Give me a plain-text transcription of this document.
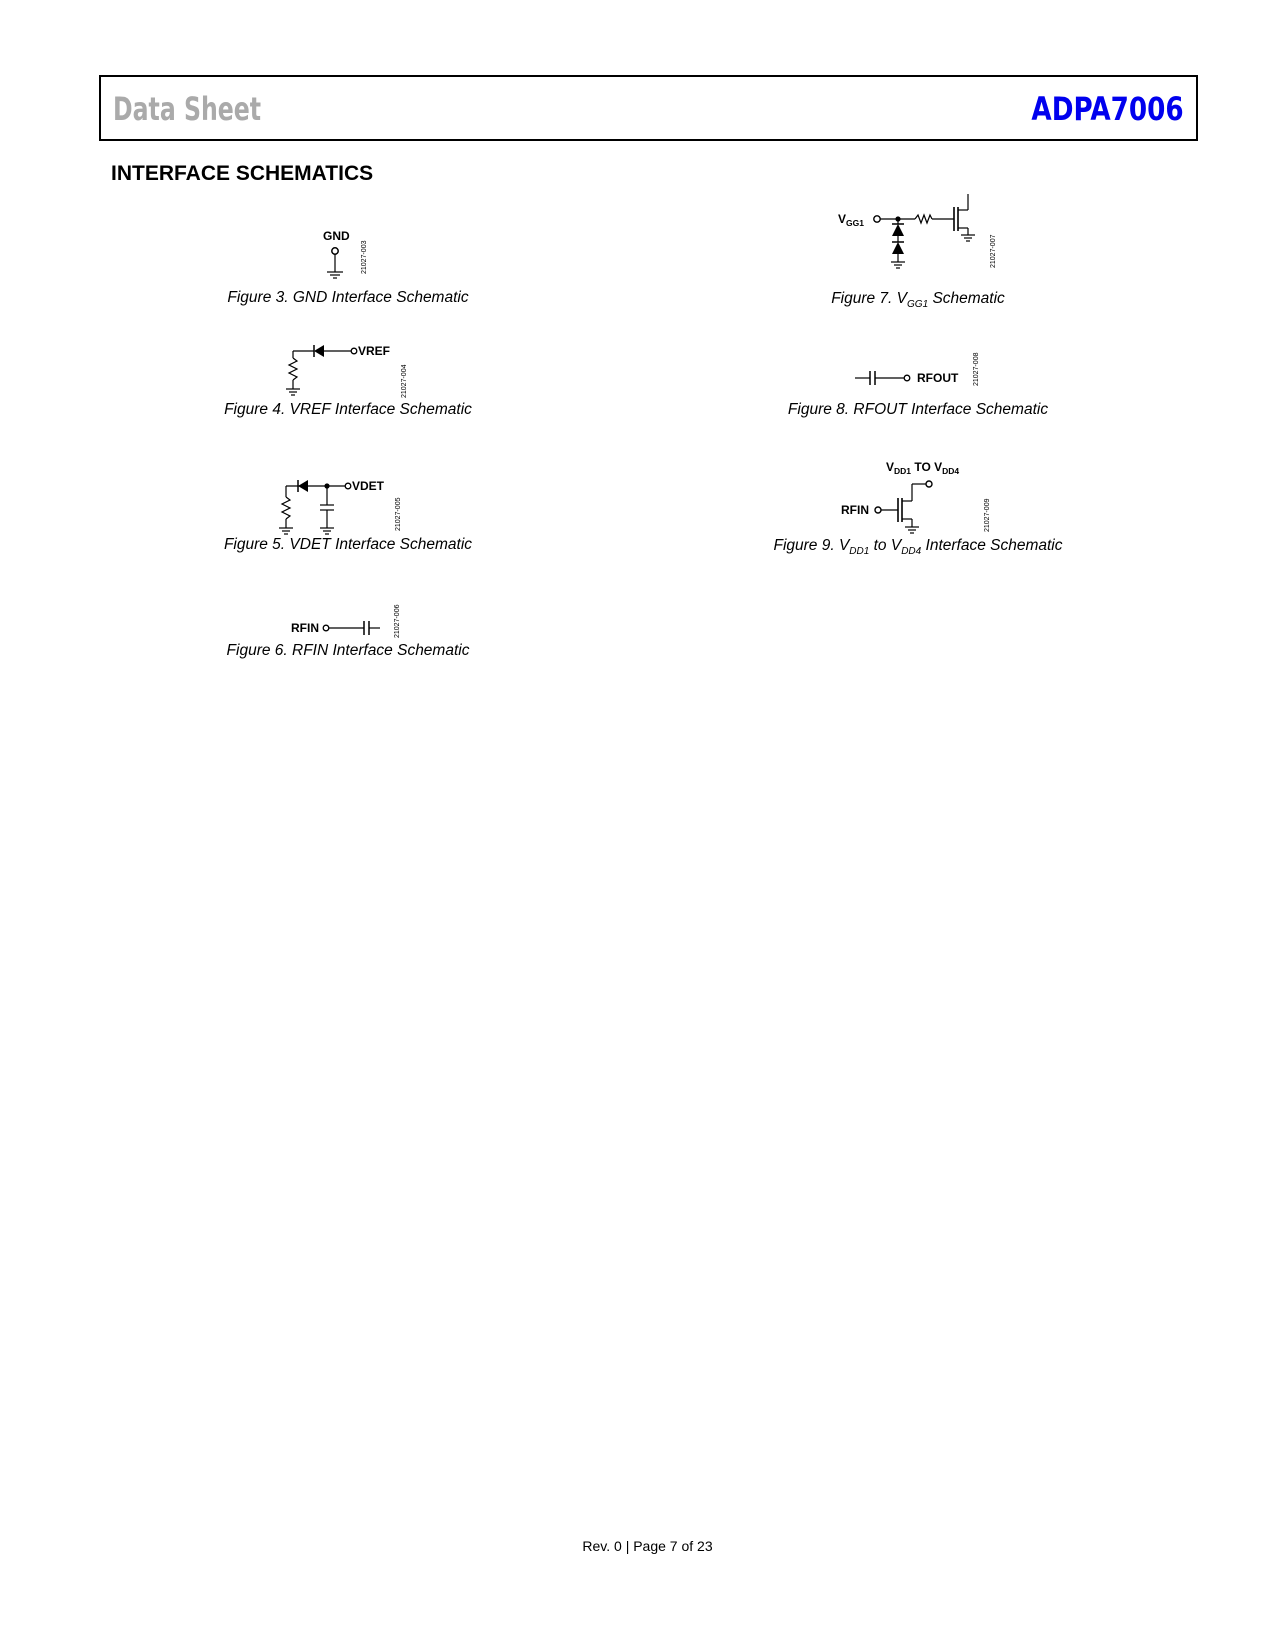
Data Sheet	ADPA7006
INTERFACE SCHEMATICS
GND
21027-003
Figure 3. GND Interface Schematic
VREF
21027-004
Figure 4. VREF Interface Schematic
VDET
21027-005
Figure 5. VDET Interface Schematic
RFIN	21027-006
Figure 6. RFIN Interface Schematic
$V_{GG1}$
21027-007
Figure 7. $V_{GG1}$ Schematic
RFOUT 21027-008
Figure 8. RFOUT Interface Schematic
$V_{DD1}$ TO $V_{DD4}$
RFIN	21027-009
Figure 9. $V_{DD1}$ to $V_{DD4}$ Interface Schematic
Rev. 0 | Page 7 of 23
